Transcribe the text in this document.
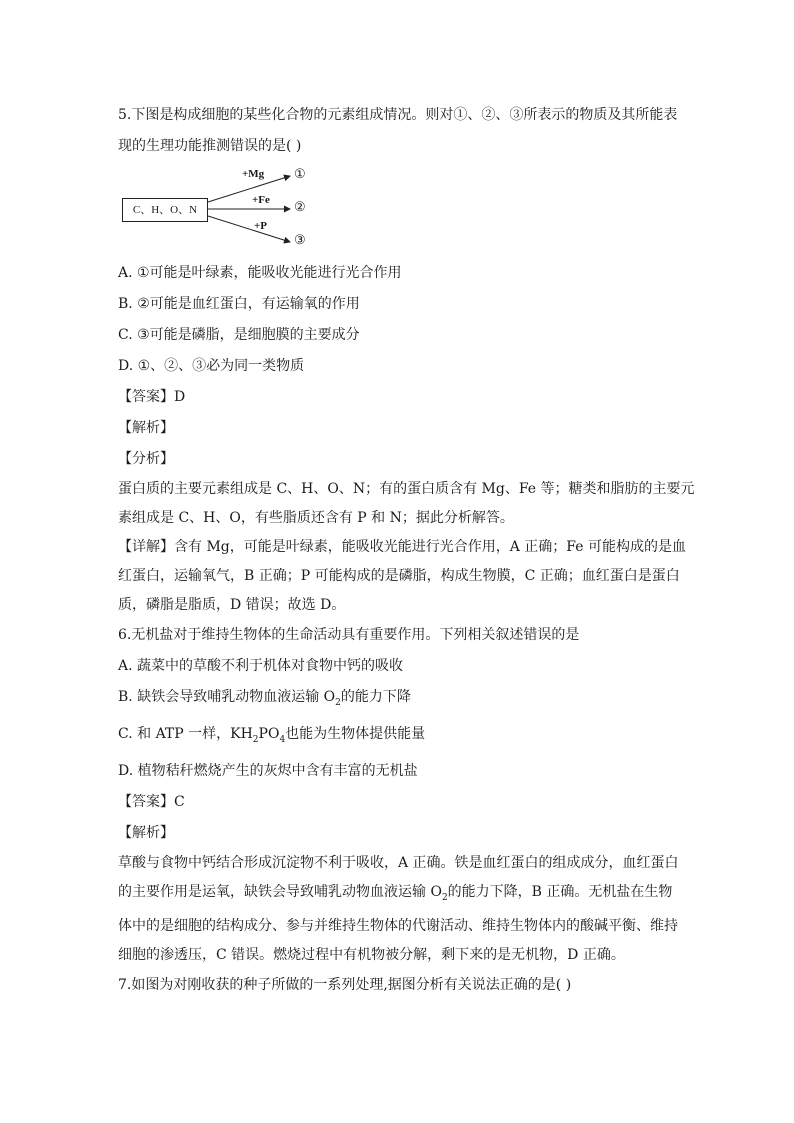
5.下图是构成细胞的某些化合物的元素组成情况。则对①、②、③所表示的物质及其所能表
现的生理功能推测错误的是( )
C、H、O、N
+Mg
+Fe
+P
①
②
③
A. ①可能是叶绿素，能吸收光能进行光合作用
B. ②可能是血红蛋白，有运输氧的作用
C. ③可能是磷脂，是细胞膜的主要成分
D. ①、②、③必为同一类物质
【答案】D
【解析】
【分析】
蛋白质的主要元素组成是 C、H、O、N；有的蛋白质含有 Mg、Fe 等；糖类和脂肪的主要元
素组成是 C、H、O，有些脂质还含有 P 和 N；据此分析解答。
【详解】含有 Mg，可能是叶绿素，能吸收光能进行光合作用，A 正确；Fe 可能构成的是血
红蛋白，运输氧气，B 正确；P 可能构成的是磷脂，构成生物膜，C 正确；血红蛋白是蛋白
质，磷脂是脂质，D 错误；故选 D。
6.无机盐对于维持生物体的生命活动具有重要作用。下列相关叙述错误的是
A. 蔬菜中的草酸不利于机体对食物中钙的吸收
B. 缺铁会导致哺乳动物血液运输 $O_2$的能力下降
C. 和 ATP 一样，$KH_2PO_4$也能为生物体提供能量
D. 植物秸秆燃烧产生的灰烬中含有丰富的无机盐
【答案】C
【解析】
草酸与食物中钙结合形成沉淀物不利于吸收，A 正确。铁是血红蛋白的组成成分，血红蛋白
的主要作用是运氧，缺铁会导致哺乳动物血液运输 $O_2$的能力下降，B 正确。无机盐在生物
体中的是细胞的结构成分、参与并维持生物体的代谢活动、维持生物体内的酸碱平衡、维持
细胞的渗透压，C 错误。燃烧过程中有机物被分解，剩下来的是无机物，D 正确。
7.如图为对刚收获的种子所做的一系列处理,据图分析有关说法正确的是( )
